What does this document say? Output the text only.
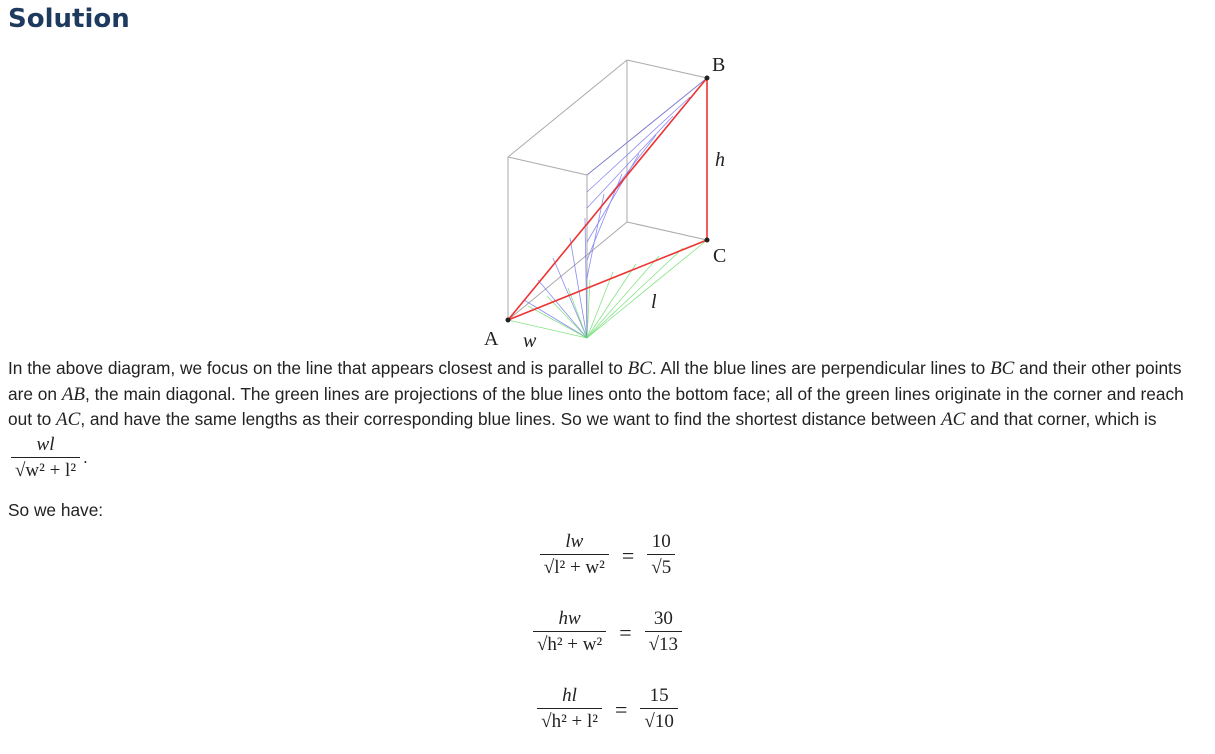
Solution
A
B
C
w
h
l

In the above diagram, we focus on the line that appears closest and is parallel to BC. All the blue lines are perpendicular lines to BC and their other points are on AB, the main diagonal. The green lines are projections of the blue lines onto the bottom face; all of the green lines originate in the corner and reach out to AC, and have the same lengths as their corresponding blue lines. So we want to find the shortest distance between AC and that corner, which is
$\frac{wl}{\text{√w² + l²}}$ .

So we have:

$\frac{lw}{\text{√l² + w²}} = \frac{10}{√5}$
$\frac{hw}{\text{√h² + w²}} = \frac{30}{√13}$
$\frac{hl}{\text{√h² + l²}} = \frac{15}{√10}$
